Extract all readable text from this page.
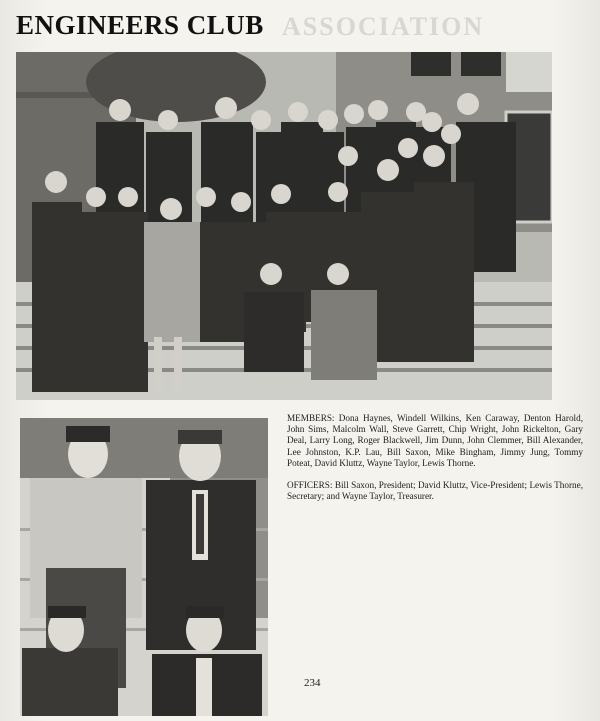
ASSOCIATION
ENGINEERS CLUB
MEMBERS: Dona Haynes, Windell Wilkins, Ken Caraway, Denton Harold, John Sims, Malcolm Wall, Steve Garrett, Chip Wright, John Rickelton, Gary Deal, Larry Long, Roger Blackwell, Jim Dunn, John Clemmer, Bill Alexander, Lee Johnston, K.P. Lau, Bill Saxon, Mike Bingham, Jimmy Jung, Tommy Poteat, David Kluttz, Wayne Taylor, Lewis Thorne.
OFFICERS: Bill Saxon, President; David Kluttz, Vice-President; Lewis Thorne, Secretary; and Wayne Taylor, Treasurer.
234
